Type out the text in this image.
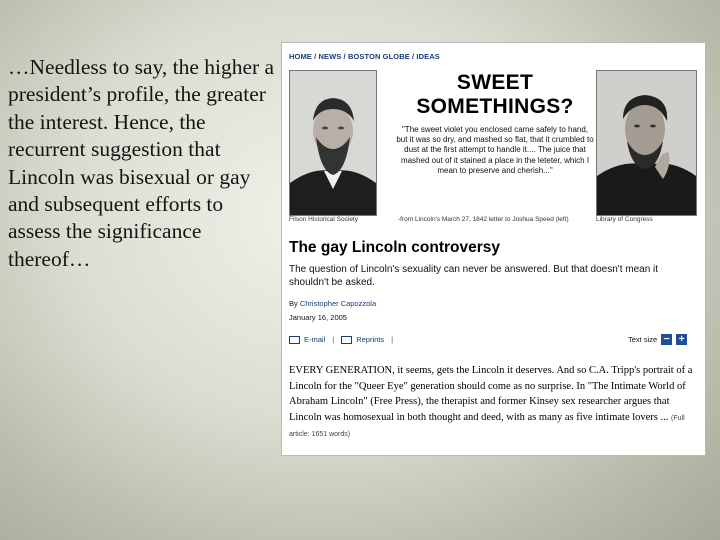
…Needless to say, the higher a president’s profile, the greater the interest. Hence, the recurrent suggestion that Lincoln was bisexual or gay and subsequent efforts to assess the significance thereof…

HOME / NEWS / BOSTON GLOBE / IDEAS
SWEET
SOMETHINGS?
"The sweet violet you enclosed came safely to hand, but it was so dry, and mashed so flat, that it crumbled to dust at the first attempt to handle it.... The juice that mashed out of it stained a place in the leteter, which I mean to preserve and cherish..."
Filson Historical Society	-from Lincoln's March 27, 1842 letter to Joshua Speed (left)	Library of Congress
The gay Lincoln controversy
The question of Lincoln's sexuality can never be answered. But that doesn't mean it shouldn't be asked.
By Christopher Capozzola
January 16, 2005
E-mail |	Reprints |	Text size − +
EVERY GENERATION, it seems, gets the Lincoln it deserves. And so C.A. Tripp's portrait of a Lincoln for the "Queer Eye" generation should come as no surprise. In "The Intimate World of Abraham Lincoln" (Free Press), the therapist and former Kinsey sex researcher argues that Lincoln was homosexual in both thought and deed, with as many as five intimate lovers ... (Full article: 1651 words)
